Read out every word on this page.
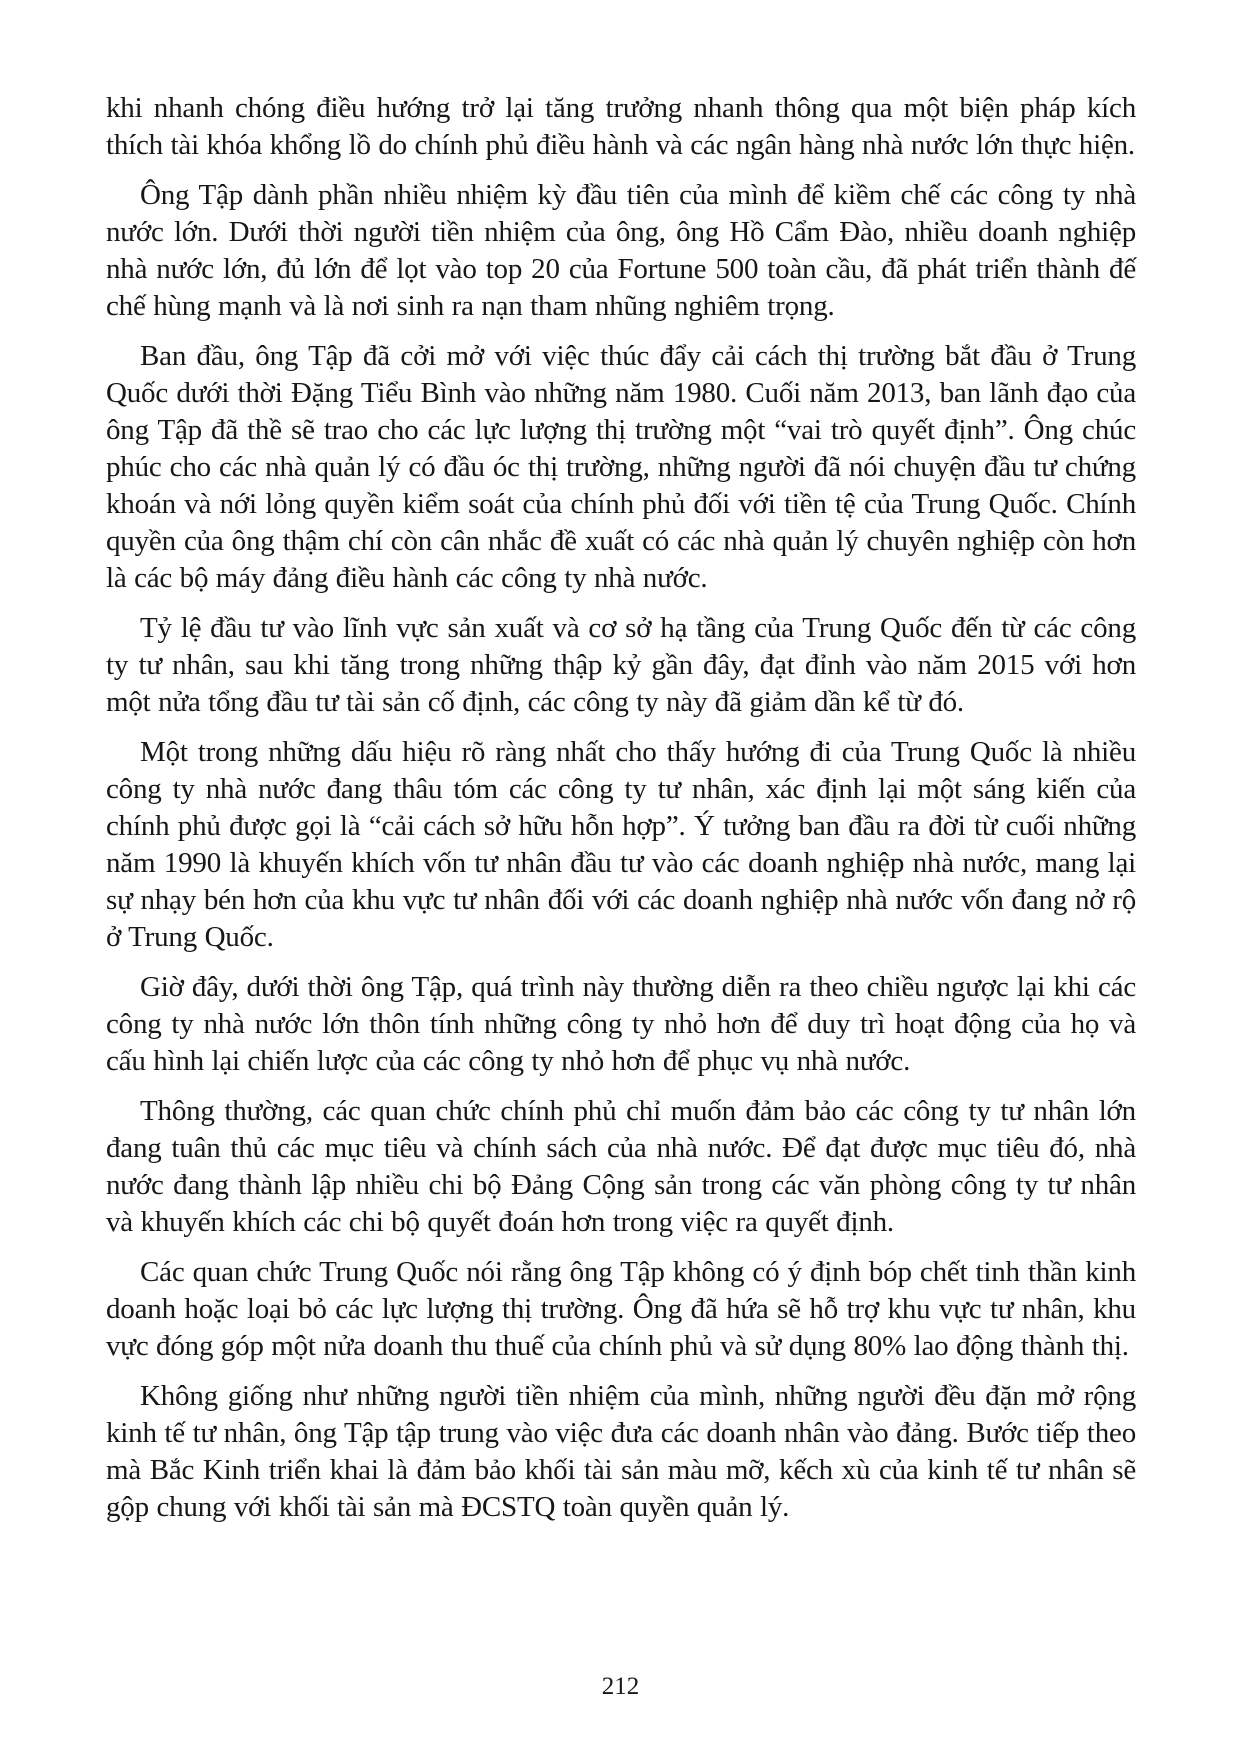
khi nhanh chóng điều hướng trở lại tăng trưởng nhanh thông qua một biện pháp kích thích tài khóa khổng lồ do chính phủ điều hành và các ngân hàng nhà nước lớn thực hiện.

Ông Tập dành phần nhiều nhiệm kỳ đầu tiên của mình để kiềm chế các công ty nhà nước lớn. Dưới thời người tiền nhiệm của ông, ông Hồ Cẩm Đào, nhiều doanh nghiệp nhà nước lớn, đủ lớn để lọt vào top 20 của Fortune 500 toàn cầu, đã phát triển thành đế chế hùng mạnh và là nơi sinh ra nạn tham nhũng nghiêm trọng.

Ban đầu, ông Tập đã cởi mở với việc thúc đẩy cải cách thị trường bắt đầu ở Trung Quốc dưới thời Đặng Tiểu Bình vào những năm 1980. Cuối năm 2013, ban lãnh đạo của ông Tập đã thề sẽ trao cho các lực lượng thị trường một “vai trò quyết định”. Ông chúc phúc cho các nhà quản lý có đầu óc thị trường, những người đã nói chuyện đầu tư chứng khoán và nới lỏng quyền kiểm soát của chính phủ đối với tiền tệ của Trung Quốc. Chính quyền của ông thậm chí còn cân nhắc đề xuất có các nhà quản lý chuyên nghiệp còn hơn là các bộ máy đảng điều hành các công ty nhà nước.

Tỷ lệ đầu tư vào lĩnh vực sản xuất và cơ sở hạ tầng của Trung Quốc đến từ các công ty tư nhân, sau khi tăng trong những thập kỷ gần đây, đạt đỉnh vào năm 2015 với hơn một nửa tổng đầu tư tài sản cố định, các công ty này đã giảm dần kể từ đó.

Một trong những dấu hiệu rõ ràng nhất cho thấy hướng đi của Trung Quốc là nhiều công ty nhà nước đang thâu tóm các công ty tư nhân, xác định lại một sáng kiến của chính phủ được gọi là “cải cách sở hữu hỗn hợp”. Ý tưởng ban đầu ra đời từ cuối những năm 1990 là khuyến khích vốn tư nhân đầu tư vào các doanh nghiệp nhà nước, mang lại sự nhạy bén hơn của khu vực tư nhân đối với các doanh nghiệp nhà nước vốn đang nở rộ ở Trung Quốc.

Giờ đây, dưới thời ông Tập, quá trình này thường diễn ra theo chiều ngược lại khi các công ty nhà nước lớn thôn tính những công ty nhỏ hơn để duy trì hoạt động của họ và cấu hình lại chiến lược của các công ty nhỏ hơn để phục vụ nhà nước.

Thông thường, các quan chức chính phủ chỉ muốn đảm bảo các công ty tư nhân lớn đang tuân thủ các mục tiêu và chính sách của nhà nước. Để đạt được mục tiêu đó, nhà nước đang thành lập nhiều chi bộ Đảng Cộng sản trong các văn phòng công ty tư nhân và khuyến khích các chi bộ quyết đoán hơn trong việc ra quyết định.

Các quan chức Trung Quốc nói rằng ông Tập không có ý định bóp chết tinh thần kinh doanh hoặc loại bỏ các lực lượng thị trường. Ông đã hứa sẽ hỗ trợ khu vực tư nhân, khu vực đóng góp một nửa doanh thu thuế của chính phủ và sử dụng 80% lao động thành thị.

Không giống như những người tiền nhiệm của mình, những người đều đặn mở rộng kinh tế tư nhân, ông Tập tập trung vào việc đưa các doanh nhân vào đảng. Bước tiếp theo mà Bắc Kinh triển khai là đảm bảo khối tài sản màu mỡ, kếch xù của kinh tế tư nhân sẽ gộp chung với khối tài sản mà ĐCSTQ toàn quyền quản lý.

212
